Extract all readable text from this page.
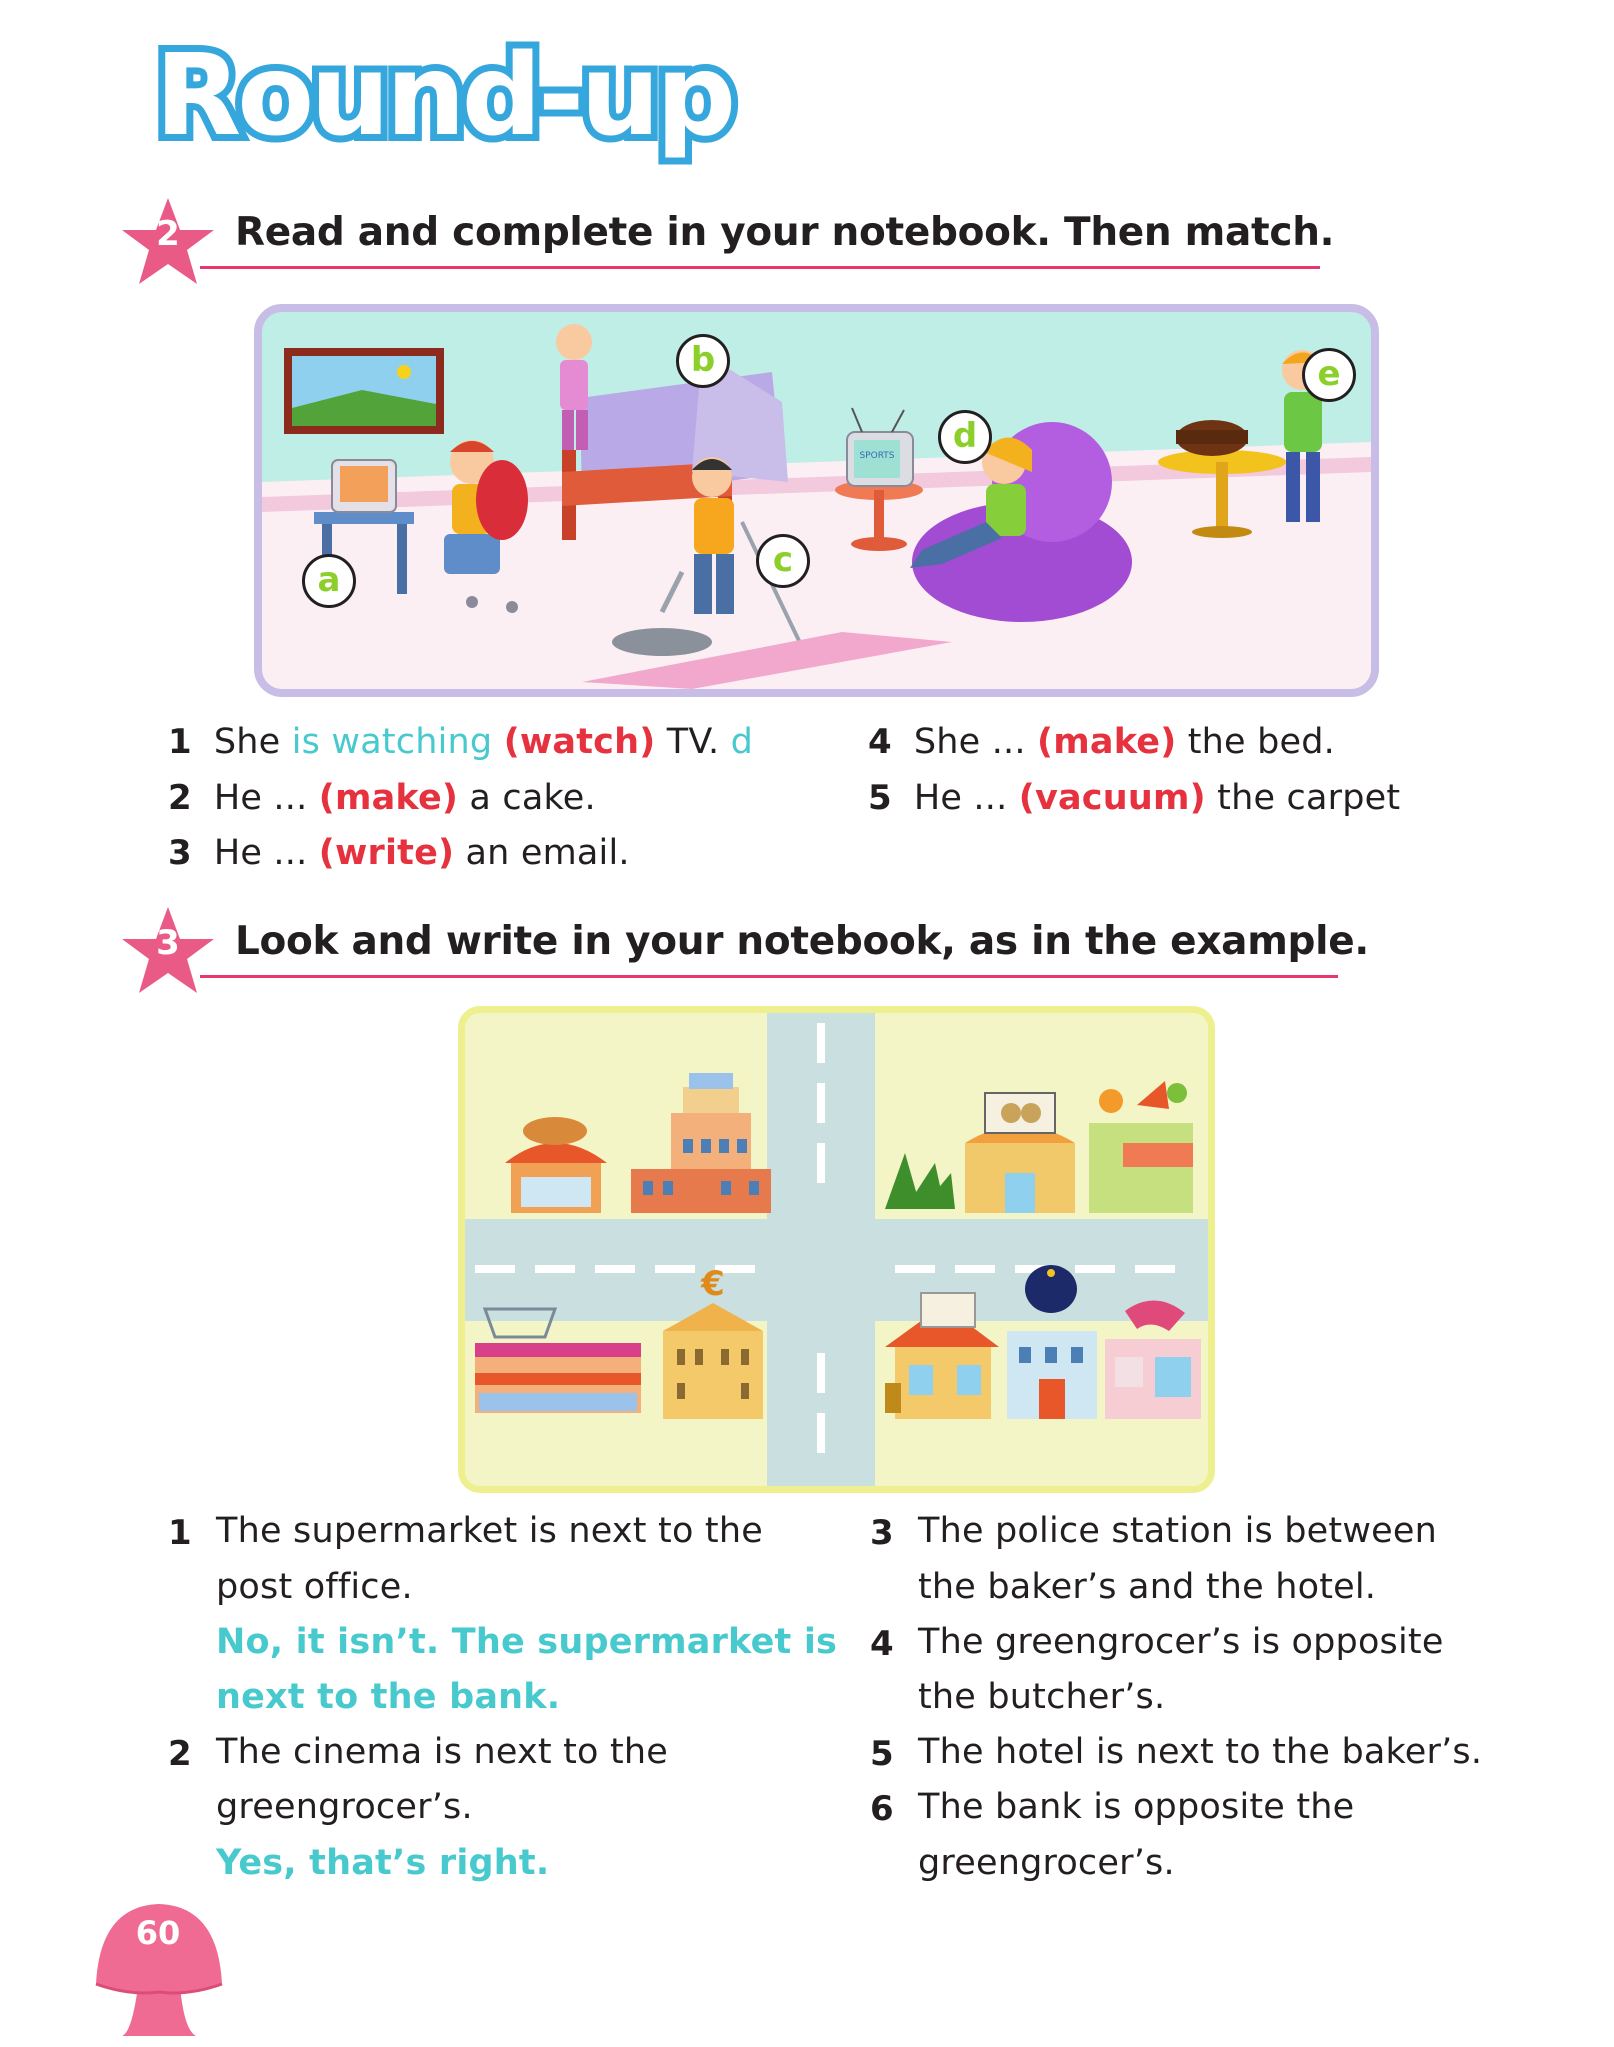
Round-up
2	Read and complete in your notebook. Then match.
SPORTS
a
b
c
d
e
1 She is watching (watch) TV. d
2 He ... (make) a cake.
3 He ... (write) an email.
4 She ... (make) the bed.
5 He ... (vacuum) the carpet
3	Look and write in your notebook, as in the example.
€
1 The supermarket is next to the
post office.
No, it isn’t. The supermarket is
next to the bank.
2 The cinema is next to the
greengrocer’s.
Yes, that’s right.
3 The police station is between
the baker’s and the hotel.
4 The greengrocer’s is opposite
the butcher’s.
5 The hotel is next to the baker’s.
6 The bank is opposite the
greengrocer’s.
60
